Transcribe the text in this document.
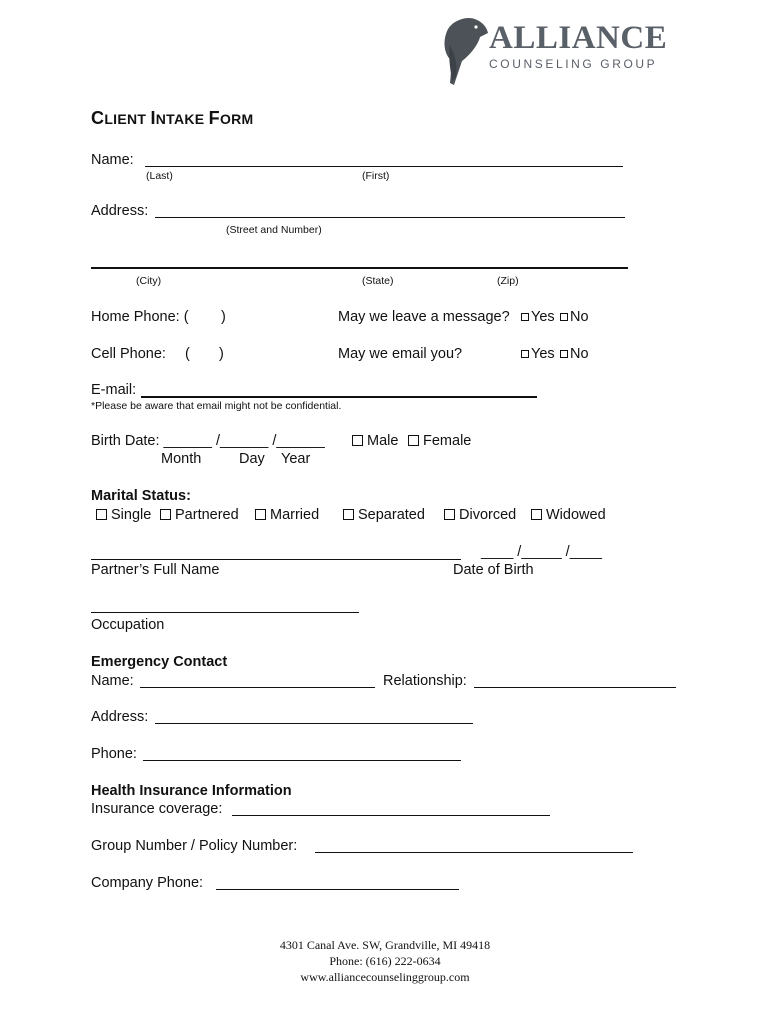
ALLIANCE
COUNSELING GROUP
CLIENT INTAKE FORM
Name:
(Last)	(First)
Address:
(Street and Number)
(City)	(State)	(Zip)
Home Phone: ( )	May we leave a message?	Yes	No
Cell Phone: ( )	May we email you?	Yes	No
E-mail:
*Please be aware that email might not be confidential.
Birth Date: ______ /______ /______	Male	Female
Month	Day Year
Marital Status:
Single	Partnered	Married	Separated	Divorced	Widowed
____ /_____ /____
Partner’s Full Name	Date of Birth
Occupation
Emergency Contact
Name:	Relationship:
Address:
Phone:
Health Insurance Information
Insurance coverage:
Group Number / Policy Number:
Company Phone:
4301 Canal Ave. SW, Grandville, MI 49418
Phone: (616) 222-0634
www.alliancecounselinggroup.com
